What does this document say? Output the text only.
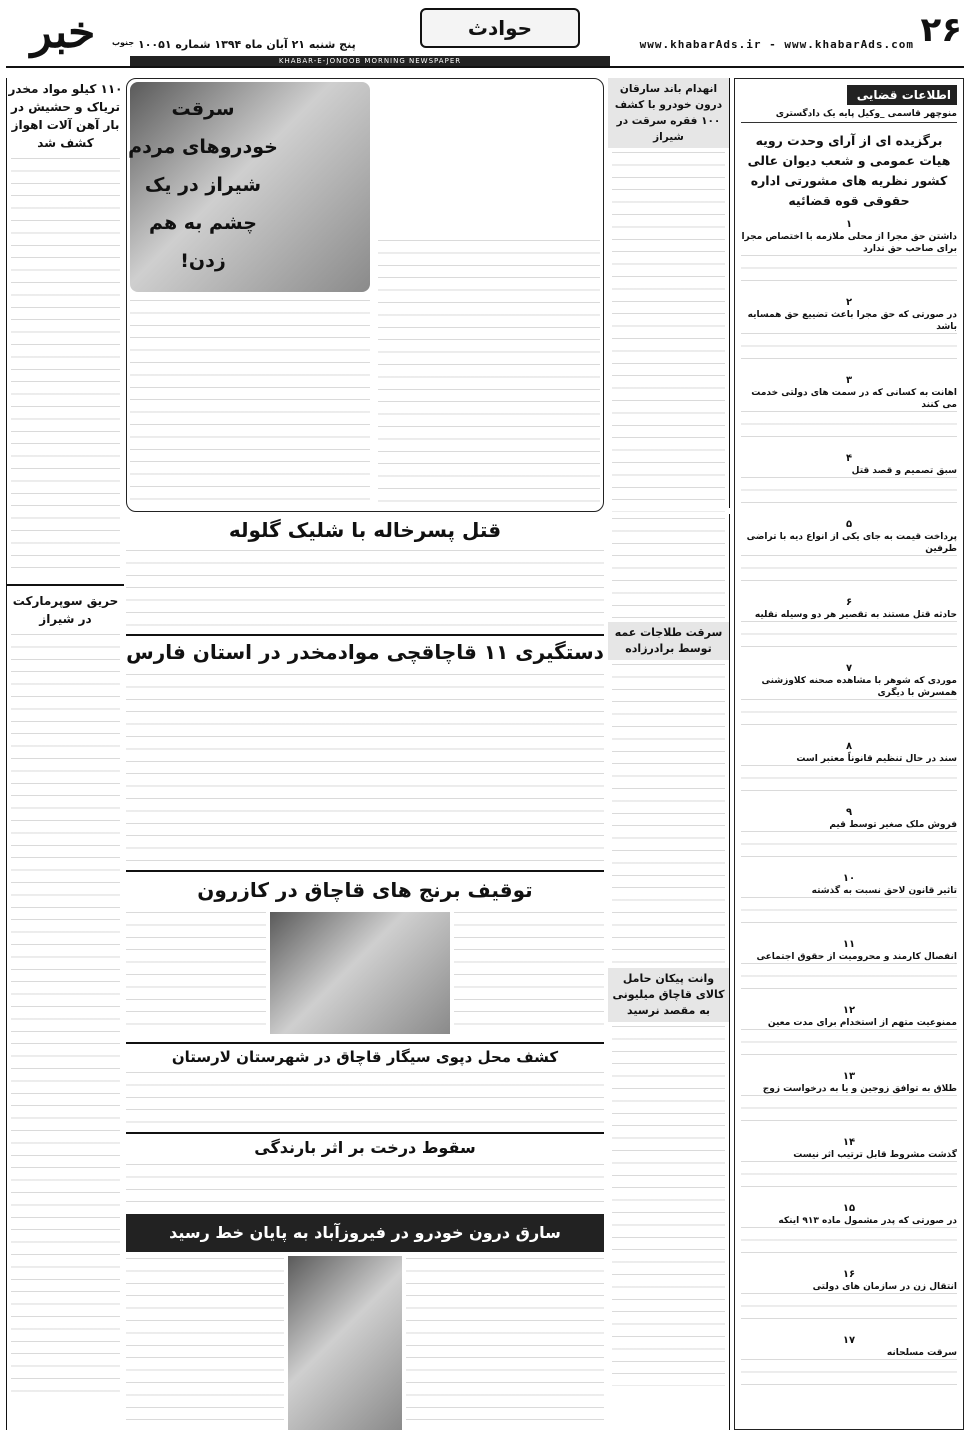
۲۶
www.khabarAds.ir - www.khabarAds.com
حوادث
خبر	جنوب پنج شنبه ۲۱ آبان ماه ۱۳۹۴ شماره ۱۰۰۵۱
KHABAR-E-JONOOB MORNING NEWSPAPER
اطلاعات قضایی
منوچهر قاسمی _وکیل پایه یک دادگستری
برگزیده ای از آرای وحدت رویه هیات عمومی و شعب دیوان عالی کشور نظریه های مشورتی اداره حقوقی قوه قضائیه
۱
داشتن حق مجرا از محلی ملازمه با اختصاص مجرا برای صاحب حق ندارد
۲
در صورتی که حق مجرا باعث تضییع حق همسایه باشد
۳
اهانت به کسانی که در سمت های دولتی خدمت می کنند
۴
سبق تصمیم و قصد قتل
۵
پرداخت قیمت به جای یکی از انواع دیه با تراضی طرفین
۶
حادثه قتل مستند به تقصیر هر دو وسیله نقلیه
۷
موردی که شوهر با مشاهده صحنه کلاوزشنی همسرش با دیگری
۸
سند در حال تنظیم قانوناً معتبر است
۹
فروش ملک صغیر توسط قیم
۱۰
تاثیر قانون لاحق نسبت به گذشته
۱۱
انفصال کارمند و محرومیت از حقوق اجتماعی
۱۲
ممنوعیت متهم از استخدام برای مدت معین
۱۳
طلاق به توافق زوجین و یا به درخواست زوج
۱۴
گذشت مشروط قابل ترتیب اثر نیست
۱۵
در صورتی که پدر مشمول ماده ۹۱۳ اینکه
۱۶
انتقال زن در سازمان های دولتی
۱۷
سرقت مسلحانه
۱۱۰ کیلو مواد مخدر تریاک و حشیش در بار آهن آلات اهواز کشف شد
حریق سوپرمارکت در شیراز
سرقت خودروهای مردم شیراز در یک چشم به هم زدن!
انهدام باند سارقان درون خودرو با کشف ۱۰۰ فقره سرقت در شیراز
قتل پسرخاله با شلیک گلوله
دستگیری ۱۱ قاچاقچی موادمخدر در استان فارس
توقیف برنج های قاچاق در کازرون
کشف محل دپوی سیگار قاچاق در شهرستان لارستان
سقوط درخت بر اثر بارندگی
سارق درون خودرو در فیروزآباد به پایان خط رسید
سرقت طلاجات عمه توسط برادرزاده
وانت پیکان حامل کالای قاچاق میلیونی به مقصد نرسید
